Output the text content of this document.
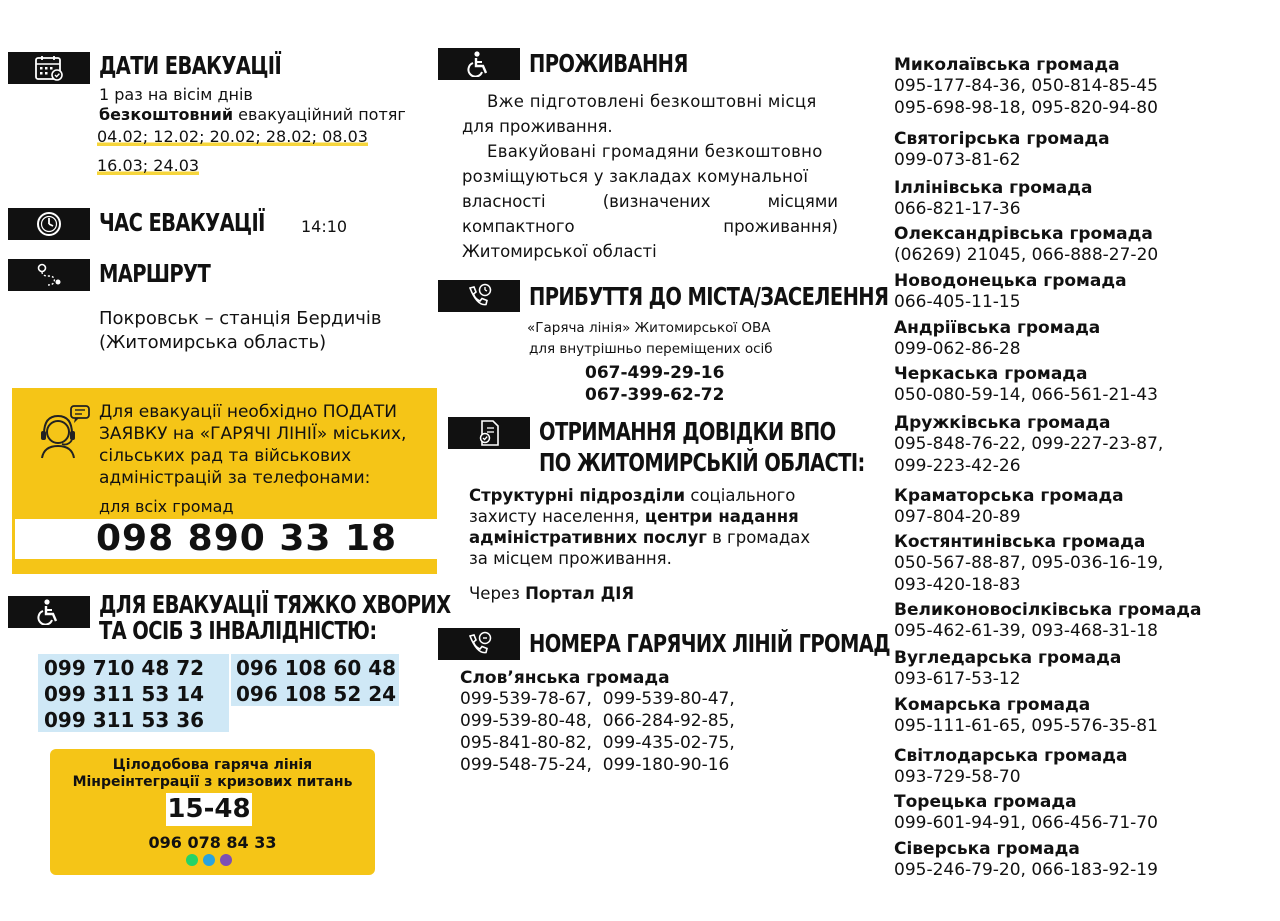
ДАТИ ЕВАКУАЦІЇ
1 раз на вісім днів
безкоштовний евакуаційний потяг
04.02; 12.02; 20.02; 28.02; 08.03
16.03; 24.03
ЧАС ЕВАКУАЦІЇ 14:10
МАРШРУТ
Покровськ – станція Бердичів
(Житомирська область)
Для евакуації необхідно ПОДАТИ
ЗАЯВКУ на «ГАРЯЧІ ЛІНІЇ» міських,
сільських рад та військових
адміністрацій за телефонами:
для всіх громад
098 890 33 18
ДЛЯ ЕВАКУАЦІЇ ТЯЖКО ХВОРИХ
ТА ОСІБ З ІНВАЛІДНІСТЮ:
099 710 48 72
099 311 53 14
099 311 53 36
096 108 60 48
096 108 52 24
Цілодобова гаряча лінія
Мінреінтеграції з кризових питань
15-48
096 078 84 33
ПРОЖИВАННЯ
Вже підготовлені безкоштовні місця
для проживання.
Евакуйовані громадяни безкоштовно
розміщуються у закладах комунальної
власності	(визначених	місцями
компактного	проживання)
Житомирської області
ПРИБУТТЯ ДО МІСТА/ЗАСЕЛЕННЯ
«Гаряча лінія» Житомирської ОВА
для внутрішньо переміщених осіб
067-499-29-16
067-399-62-72
ОТРИМАННЯ ДОВІДКИ ВПО
ПО ЖИТОМИРСЬКІЙ ОБЛАСТІ:
Структурні підрозділи соціального
захисту населення, центри надання
адміністративних послуг в громадах
за місцем проживання.
Через Портал ДІЯ
НОМЕРА ГАРЯЧИХ ЛІНІЙ ГРОМАД
Слов’янська громада
099-539-78-67,  099-539-80-47,
099-539-80-48,  066-284-92-85,
095-841-80-82,  099-435-02-75,
099-548-75-24,  099-180-90-16
Миколаївська громада
095-177-84-36, 050-814-85-45
095-698-98-18, 095-820-94-80
Святогірська громада
099-073-81-62
Іллінівська громада
066-821-17-36
Олександрівська громада
(06269) 21045, 066-888-27-20
Новодонецька громада
066-405-11-15
Андріївська громада
099-062-86-28
Черкаська громада
050-080-59-14, 066-561-21-43
Дружківська громада
095-848-76-22, 099-227-23-87,
099-223-42-26
Краматорська громада
097-804-20-89
Костянтинівська громада
050-567-88-87, 095-036-16-19,
093-420-18-83
Великоновосілківська громада
095-462-61-39, 093-468-31-18
Вугледарська громада
093-617-53-12
Комарська громада
095-111-61-65, 095-576-35-81
Світлодарська громада
093-729-58-70
Торецька громада
099-601-94-91, 066-456-71-70
Сіверська громада
095-246-79-20, 066-183-92-19
